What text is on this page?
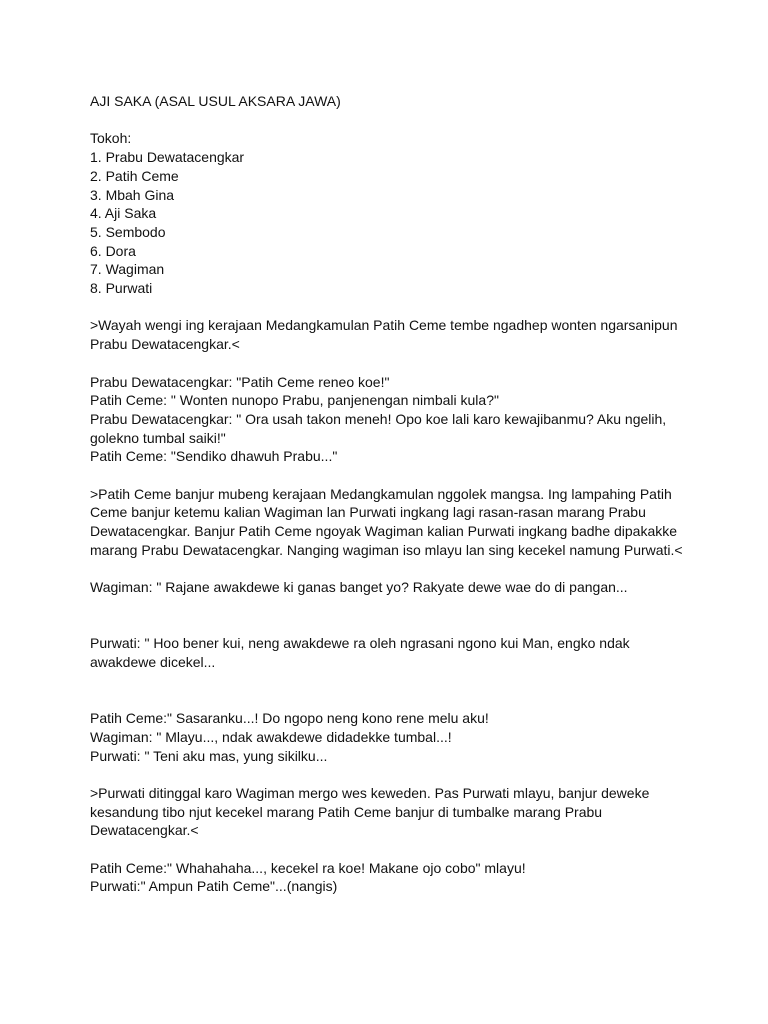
AJI SAKA (ASAL USUL AKSARA JAWA)
Tokoh:
1. Prabu Dewatacengkar
2. Patih Ceme
3. Mbah Gina
4. Aji Saka
5. Sembodo
6. Dora
7. Wagiman
8. Purwati
>Wayah wengi ing kerajaan Medangkamulan Patih Ceme tembe ngadhep wonten ngarsanipun
Prabu Dewatacengkar.<
Prabu Dewatacengkar: "Patih Ceme reneo koe!"
Patih Ceme: " Wonten nunopo Prabu, panjenengan nimbali kula?"
Prabu Dewatacengkar: " Ora usah takon meneh! Opo koe lali karo kewajibanmu? Aku ngelih,
golekno tumbal saiki!"
Patih Ceme: "Sendiko dhawuh Prabu..."
>Patih Ceme banjur mubeng kerajaan Medangkamulan nggolek mangsa. Ing lampahing Patih
Ceme banjur ketemu kalian Wagiman lan Purwati ingkang lagi rasan-rasan marang Prabu
Dewatacengkar. Banjur Patih Ceme ngoyak Wagiman kalian Purwati ingkang badhe dipakakke
marang Prabu Dewatacengkar. Nanging wagiman iso mlayu lan sing kecekel namung Purwati.<
Wagiman: " Rajane awakdewe ki ganas banget yo? Rakyate dewe wae do di pangan...
Purwati: " Hoo bener kui, neng awakdewe ra oleh ngrasani ngono kui Man, engko ndak
awakdewe dicekel...
Patih Ceme:" Sasaranku...! Do ngopo neng kono rene melu aku!
Wagiman: " Mlayu..., ndak awakdewe didadekke tumbal...!
Purwati: " Teni aku mas, yung sikilku...
>Purwati ditinggal karo Wagiman mergo wes keweden. Pas Purwati mlayu, banjur deweke
kesandung tibo njut kecekel marang Patih Ceme banjur di tumbalke marang Prabu
Dewatacengkar.<
Patih Ceme:" Whahahaha..., kecekel ra koe! Makane ojo cobo" mlayu!
Purwati:" Ampun Patih Ceme"...(nangis)
